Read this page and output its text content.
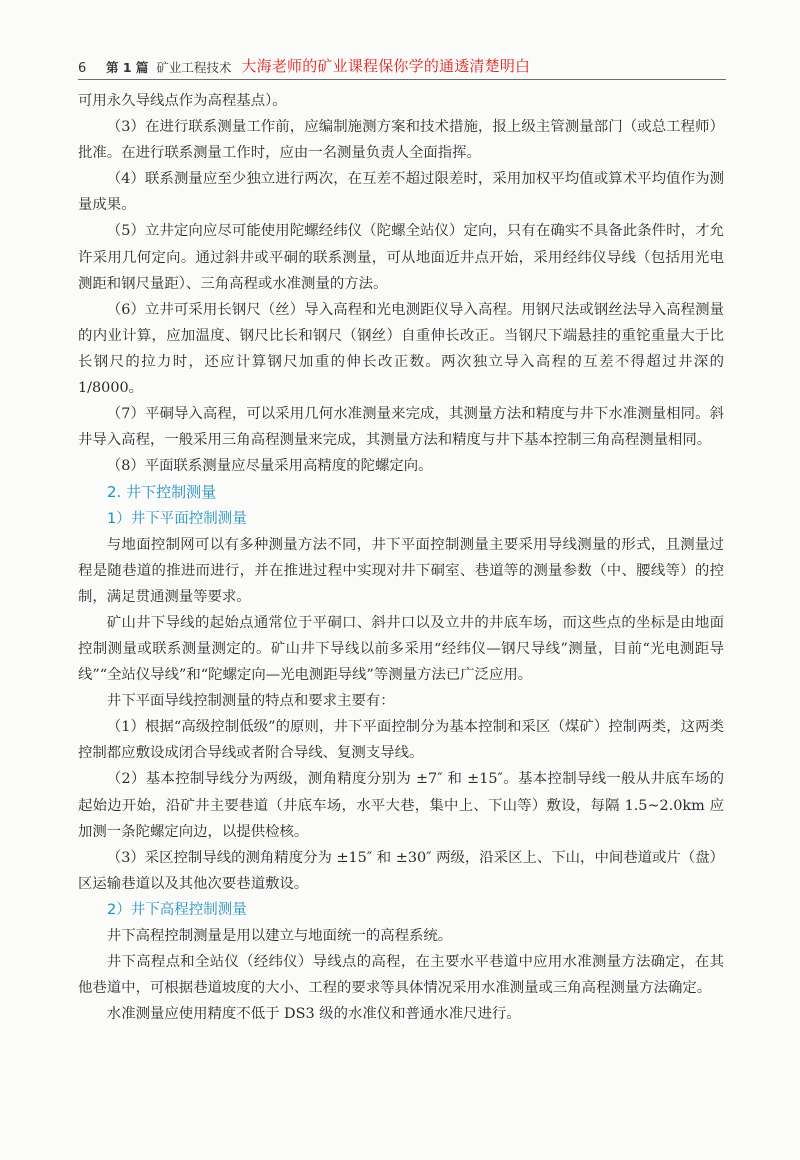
6	第 1 篇 矿业工程技术 大海老师的矿业课程保你学的通透清楚明白

可用永久导线点作为高程基点）。

（3）在进行联系测量工作前，应编制施测方案和技术措施，报上级主管测量部门（或总工程师）批准。在进行联系测量工作时，应由一名测量负责人全面指挥。

（4）联系测量应至少独立进行两次，在互差不超过限差时，采用加权平均值或算术平均值作为测量成果。

（5）立井定向应尽可能使用陀螺经纬仪（陀螺全站仪）定向，只有在确实不具备此条件时，才允许采用几何定向。通过斜井或平硐的联系测量，可从地面近井点开始，采用经纬仪导线（包括用光电测距和钢尺量距）、三角高程或水准测量的方法。

（6）立井可采用长钢尺（丝）导入高程和光电测距仪导入高程。用钢尺法或钢丝法导入高程测量的内业计算，应加温度、钢尺比长和钢尺（钢丝）自重伸长改正。当钢尺下端悬挂的重铊重量大于比长钢尺的拉力时，还应计算钢尺加重的伸长改正数。两次独立导入高程的互差不得超过井深的 1/8000。

（7）平硐导入高程，可以采用几何水准测量来完成，其测量方法和精度与井下水准测量相同。斜井导入高程，一般采用三角高程测量来完成，其测量方法和精度与井下基本控制三角高程测量相同。

（8）平面联系测量应尽量采用高精度的陀螺定向。

2. 井下控制测量
1）井下平面控制测量

与地面控制网可以有多种测量方法不同，井下平面控制测量主要采用导线测量的形式，且测量过程是随巷道的推进而进行，并在推进过程中实现对井下硐室、巷道等的测量参数（中、腰线等）的控制，满足贯通测量等要求。

矿山井下导线的起始点通常位于平硐口、斜井口以及立井的井底车场，而这些点的坐标是由地面控制测量或联系测量测定的。矿山井下导线以前多采用“经纬仪—钢尺导线”测量，目前“光电测距导线”“全站仪导线”和“陀螺定向—光电测距导线”等测量方法已广泛应用。

井下平面导线控制测量的特点和要求主要有：

（1）根据“高级控制低级”的原则，井下平面控制分为基本控制和采区（煤矿）控制两类，这两类控制都应敷设成闭合导线或者附合导线、复测支导线。

（2）基本控制导线分为两级，测角精度分别为 ±7″ 和 ±15″。基本控制导线一般从井底车场的起始边开始，沿矿井主要巷道（井底车场，水平大巷，集中上、下山等）敷设，每隔 1.5~2.0km 应加测一条陀螺定向边，以提供检核。

（3）采区控制导线的测角精度分为 ±15″ 和 ±30″ 两级，沿采区上、下山，中间巷道或片（盘）区运输巷道以及其他次要巷道敷设。

2）井下高程控制测量

井下高程控制测量是用以建立与地面统一的高程系统。

井下高程点和全站仪（经纬仪）导线点的高程，在主要水平巷道中应用水准测量方法确定，在其他巷道中，可根据巷道坡度的大小、工程的要求等具体情况采用水准测量或三角高程测量方法确定。

水准测量应使用精度不低于 DS3 级的水准仪和普通水准尺进行。
